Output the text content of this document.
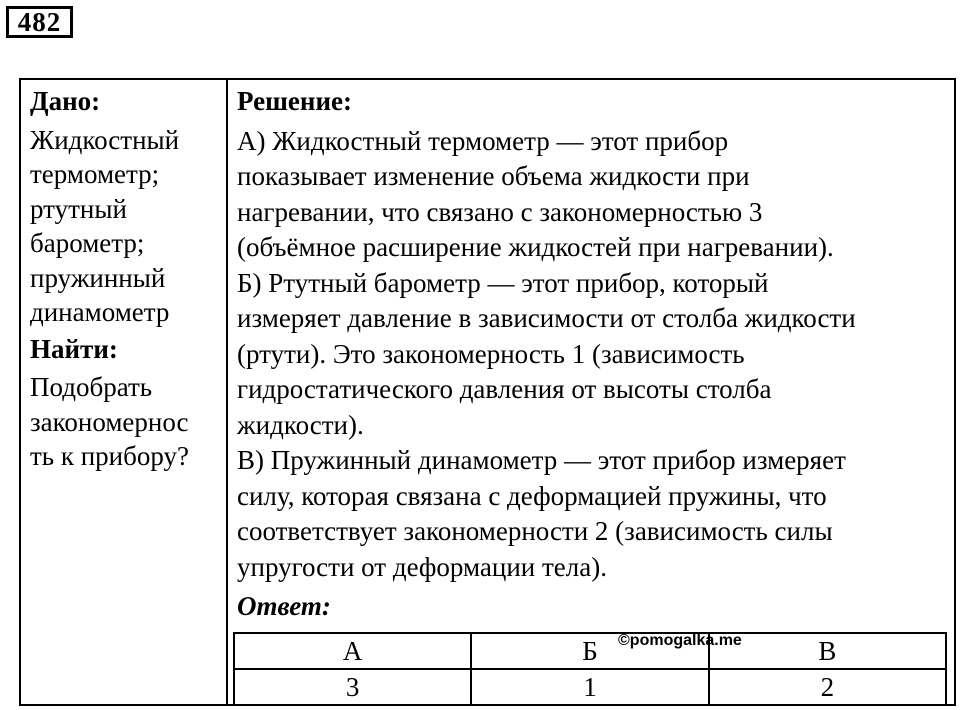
482
Дано:
Жидкостный
термометр;
ртутный
барометр;
пружинный
динамометр
Найти:
Подобрать
закономернос
ть к прибору?
Решение:

А) Жидкостный термометр — этот прибор
показывает изменение объема жидкости при
нагревании, что связано с закономерностью 3
(объёмное расширение жидкостей при нагревании).

Б) Ртутный барометр — этот прибор, который
измеряет давление в зависимости от столба жидкости
(ртути). Это закономерность 1 (зависимость
гидростатического давления от высоты столба
жидкости).

В) Пружинный динамометр — этот прибор измеряет
силу, которая связана с деформацией пружины, что
соответствует закономерности 2 (зависимость силы
упругости от деформации тела).

Ответ:
А	Б	В
3	1	2
©pomogalka.me
